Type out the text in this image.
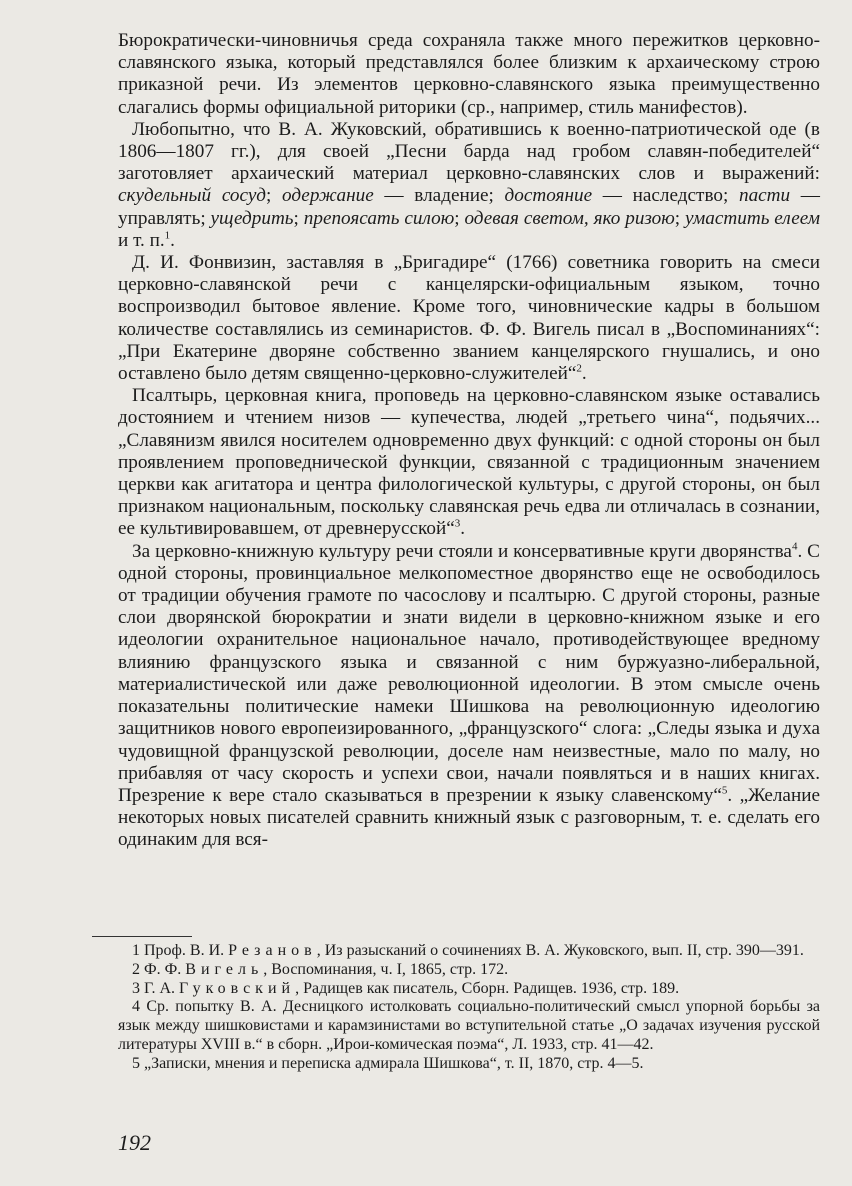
Бюрократически-чиновничья среда сохраняла также много пережитков церковно-славянского языка, который представлялся более близким к архаическому строю приказной речи. Из элементов церковно-славянского языка преимущественно слагались формы официальной риторики (ср., например, стиль манифестов).

Любопытно, что В. А. Жуковский, обратившись к военно-патриотической оде (в 1806—1807 гг.), для своей „Песни барда над гробом славян-победителей“ заготовляет архаический материал церковно-славянских слов и выражений: скудельный сосуд; одержание — владение; достояние — наследство; пасти — управлять; ущедрить; препоясать силою; одевая светом, яко ризою; умастить елеем и т. п.$^1$.

Д. И. Фонвизин, заставляя в „Бригадире“ (1766) советника говорить на смеси церковно-славянской речи с канцелярски-официальным языком, точно воспроизводил бытовое явление. Кроме того, чиновнические кадры в большом количестве составлялись из семинаристов. Ф. Ф. Вигель писал в „Воспоминаниях“: „При Екатерине дворяне собственно званием канцелярского гнушались, и оно оставлено было детям священно-церковно-служителей“$^2$.

Псалтырь, церковная книга, проповедь на церковно-славянском языке оставались достоянием и чтением низов — купечества, людей „третьего чина“, подьячих... „Славянизм явился носителем одновременно двух функций: с одной стороны он был проявлением проповеднической функции, связанной с традиционным значением церкви как агитатора и центра филологической культуры, с другой стороны, он был признаком национальным, поскольку славянская речь едва ли отличалась в сознании, ее культивировавшем, от древнерусской“$^3$.

За церковно-книжную культуру речи стояли и консервативные круги дворянства$^4$. С одной стороны, провинциальное мелкопоместное дворянство еще не освободилось от традиции обучения грамоте по часослову и псалтырю. С другой стороны, разные слои дворянской бюрократии и знати видели в церковно-книжном языке и его идеологии охранительное национальное начало, противодействующее вредному влиянию французского языка и связанной с ним буржуазно-либеральной, материалистической или даже революционной идеологии. В этом смысле очень показательны политические намеки Шишкова на революционную идеологию защитников нового европеизированного, „французского“ слога: „Следы языка и духа чудовищной французской революции, доселе нам неизвестные, мало по малу, но прибавляя от часу скорость и успехи свои, начали появляться и в наших книгах. Презрение к вере стало сказываться в презрении к языку славенскому“$^5$. „Желание некоторых новых писателей сравнить книжный язык с разговорным, т. е. сделать его одинаким для вся-

1 Проф. В. И. Резанов, Из разысканий о сочинениях В. А. Жуковского, вып. II, стр. 390—391.

2 Ф. Ф. Вигель, Воспоминания, ч. I, 1865, стр. 172.

3 Г. А. Гуковский, Радищев как писатель, Сборн. Радищев. 1936, стр. 189.

4 Ср. попытку В. А. Десницкого истолковать социально-политический смысл упорной борьбы за язык между шишковистами и карамзинистами во вступительной статье „О задачах изучения русской литературы XVIII в.“ в сборн. „Ирои-комическая поэма“, Л. 1933, стр. 41—42.

5 „Записки, мнения и переписка адмирала Шишкова“, т. II, 1870, стр. 4—5.

192
